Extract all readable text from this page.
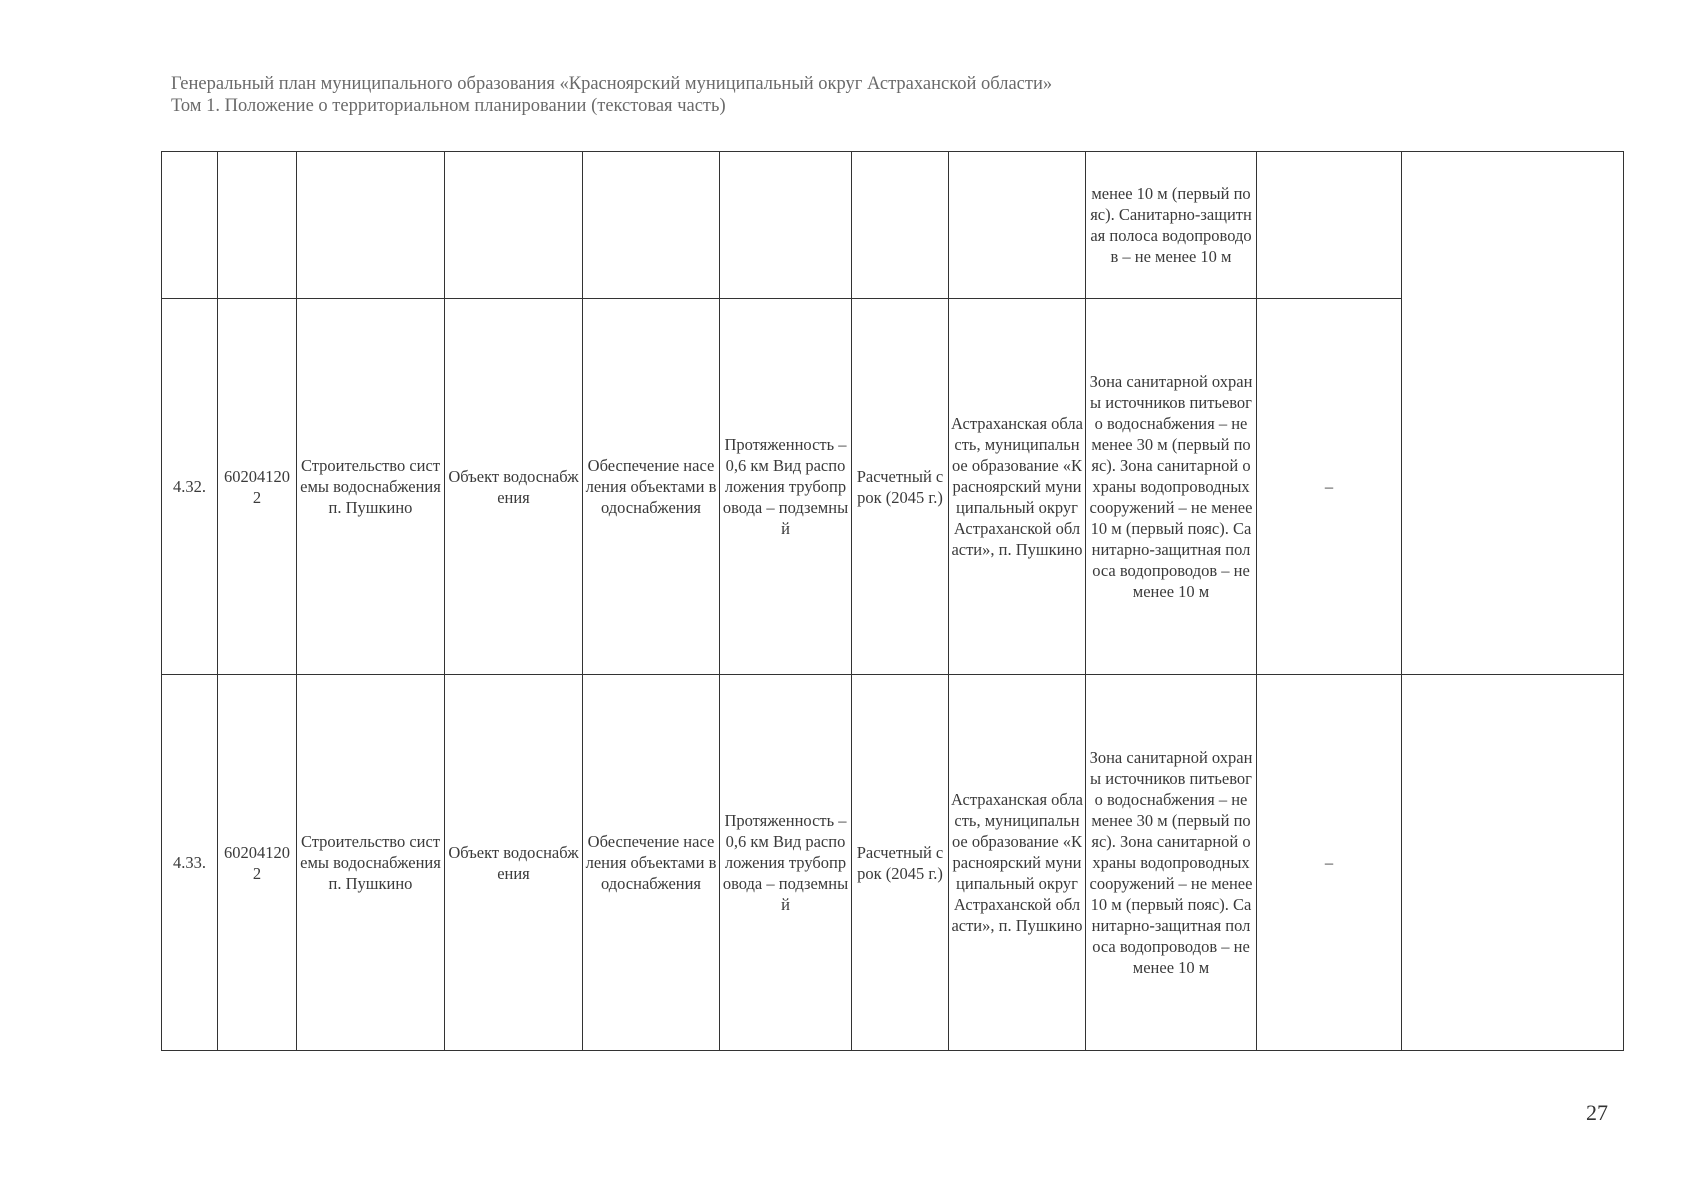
Генеральный план муниципального образования «Красноярский муниципальный округ Астраханской области»
Том 1. Положение о территориальном планировании (текстовая часть)
								менее 10 м (первый пояс). Санитарно-защитная полоса водопроводов – не менее 10 м		
4.32.	602041202	Строительство системы водоснабжения п. Пушкино	Объект водоснабжения	Обеспечение населения объектами водоснабжения	Протяженность – 0,6 км Вид расположения трубопровода – подземный	Расчетный срок (2045 г.)	Астраханская область, муниципальное образование «Красноярский муниципальный округ Астраханской области», п. Пушкино	Зона санитарной охраны источников питьевого водоснабжения – не менее 30 м (первый пояс). Зона санитарной охраны водопроводных сооружений – не менее 10 м (первый пояс). Санитарно-защитная полоса водопроводов – не менее 10 м	–	
4.33.	602041202	Строительство системы водоснабжения п. Пушкино	Объект водоснабжения	Обеспечение населения объектами водоснабжения	Протяженность – 0,6 км Вид расположения трубопровода – подземный	Расчетный срок (2045 г.)	Астраханская область, муниципальное образование «Красноярский муниципальный округ Астраханской области», п. Пушкино	Зона санитарной охраны источников питьевого водоснабжения – не менее 30 м (первый пояс). Зона санитарной охраны водопроводных сооружений – не менее 10 м (первый пояс). Санитарно-защитная полоса водопроводов – не менее 10 м	–	
27
